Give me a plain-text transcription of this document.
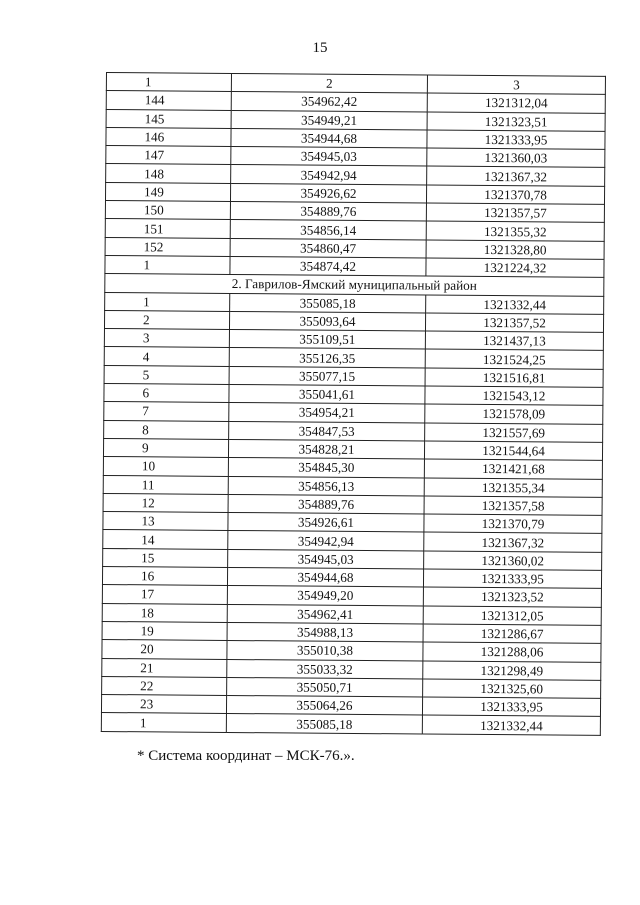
15
1	2	3
144	354962,42	1321312,04
145	354949,21	1321323,51
146	354944,68	1321333,95
147	354945,03	1321360,03
148	354942,94	1321367,32
149	354926,62	1321370,78
150	354889,76	1321357,57
151	354856,14	1321355,32
152	354860,47	1321328,80
1	354874,42	1321224,32
2. Гаврилов-Ямский муниципальный район		
1	355085,18	1321332,44
2	355093,64	1321357,52
3	355109,51	1321437,13
4	355126,35	1321524,25
5	355077,15	1321516,81
6	355041,61	1321543,12
7	354954,21	1321578,09
8	354847,53	1321557,69
9	354828,21	1321544,64
10	354845,30	1321421,68
11	354856,13	1321355,34
12	354889,76	1321357,58
13	354926,61	1321370,79
14	354942,94	1321367,32
15	354945,03	1321360,02
16	354944,68	1321333,95
17	354949,20	1321323,52
18	354962,41	1321312,05
19	354988,13	1321286,67
20	355010,38	1321288,06
21	355033,32	1321298,49
22	355050,71	1321325,60
23	355064,26	1321333,95
1	355085,18	1321332,44
* Система координат – МСК-76.».
